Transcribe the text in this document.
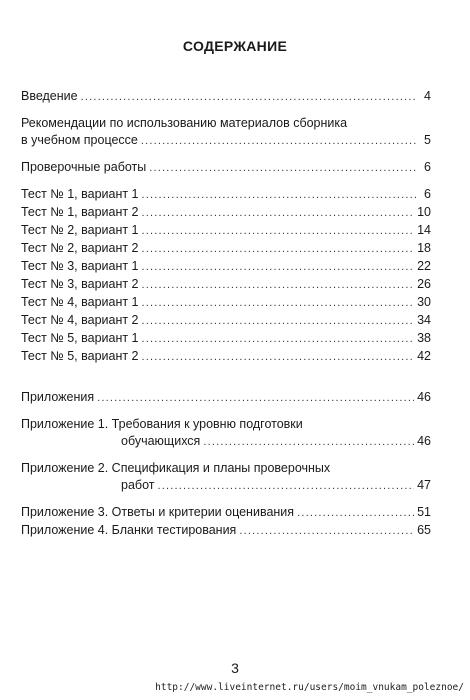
СОДЕРЖАНИЕ
Введение .....	4
Рекомендации по использованию материалов сборника
в учебном процессе .....	5
Проверочные работы .....	6
Тест № 1, вариант 1 .....	6
Тест № 1, вариант 2 .....	10
Тест № 2, вариант 1 .....	14
Тест № 2, вариант 2 .....	18
Тест № 3, вариант 1 .....	22
Тест № 3, вариант 2 .....	26
Тест № 4, вариант 1 .....	30
Тест № 4, вариант 2 .....	34
Тест № 5, вариант 1 .....	38
Тест № 5, вариант 2 .....	42
Приложения .....	46
Приложение 1. Требования к уровню подготовки
обучающихся .....	46
Приложение 2. Спецификация и планы проверочных
работ .....	47
Приложение 3. Ответы и критерии оценивания .....	51
Приложение 4. Бланки тестирования .....	65
3
http://www.liveinternet.ru/users/moim_vnukam_poleznoe/
